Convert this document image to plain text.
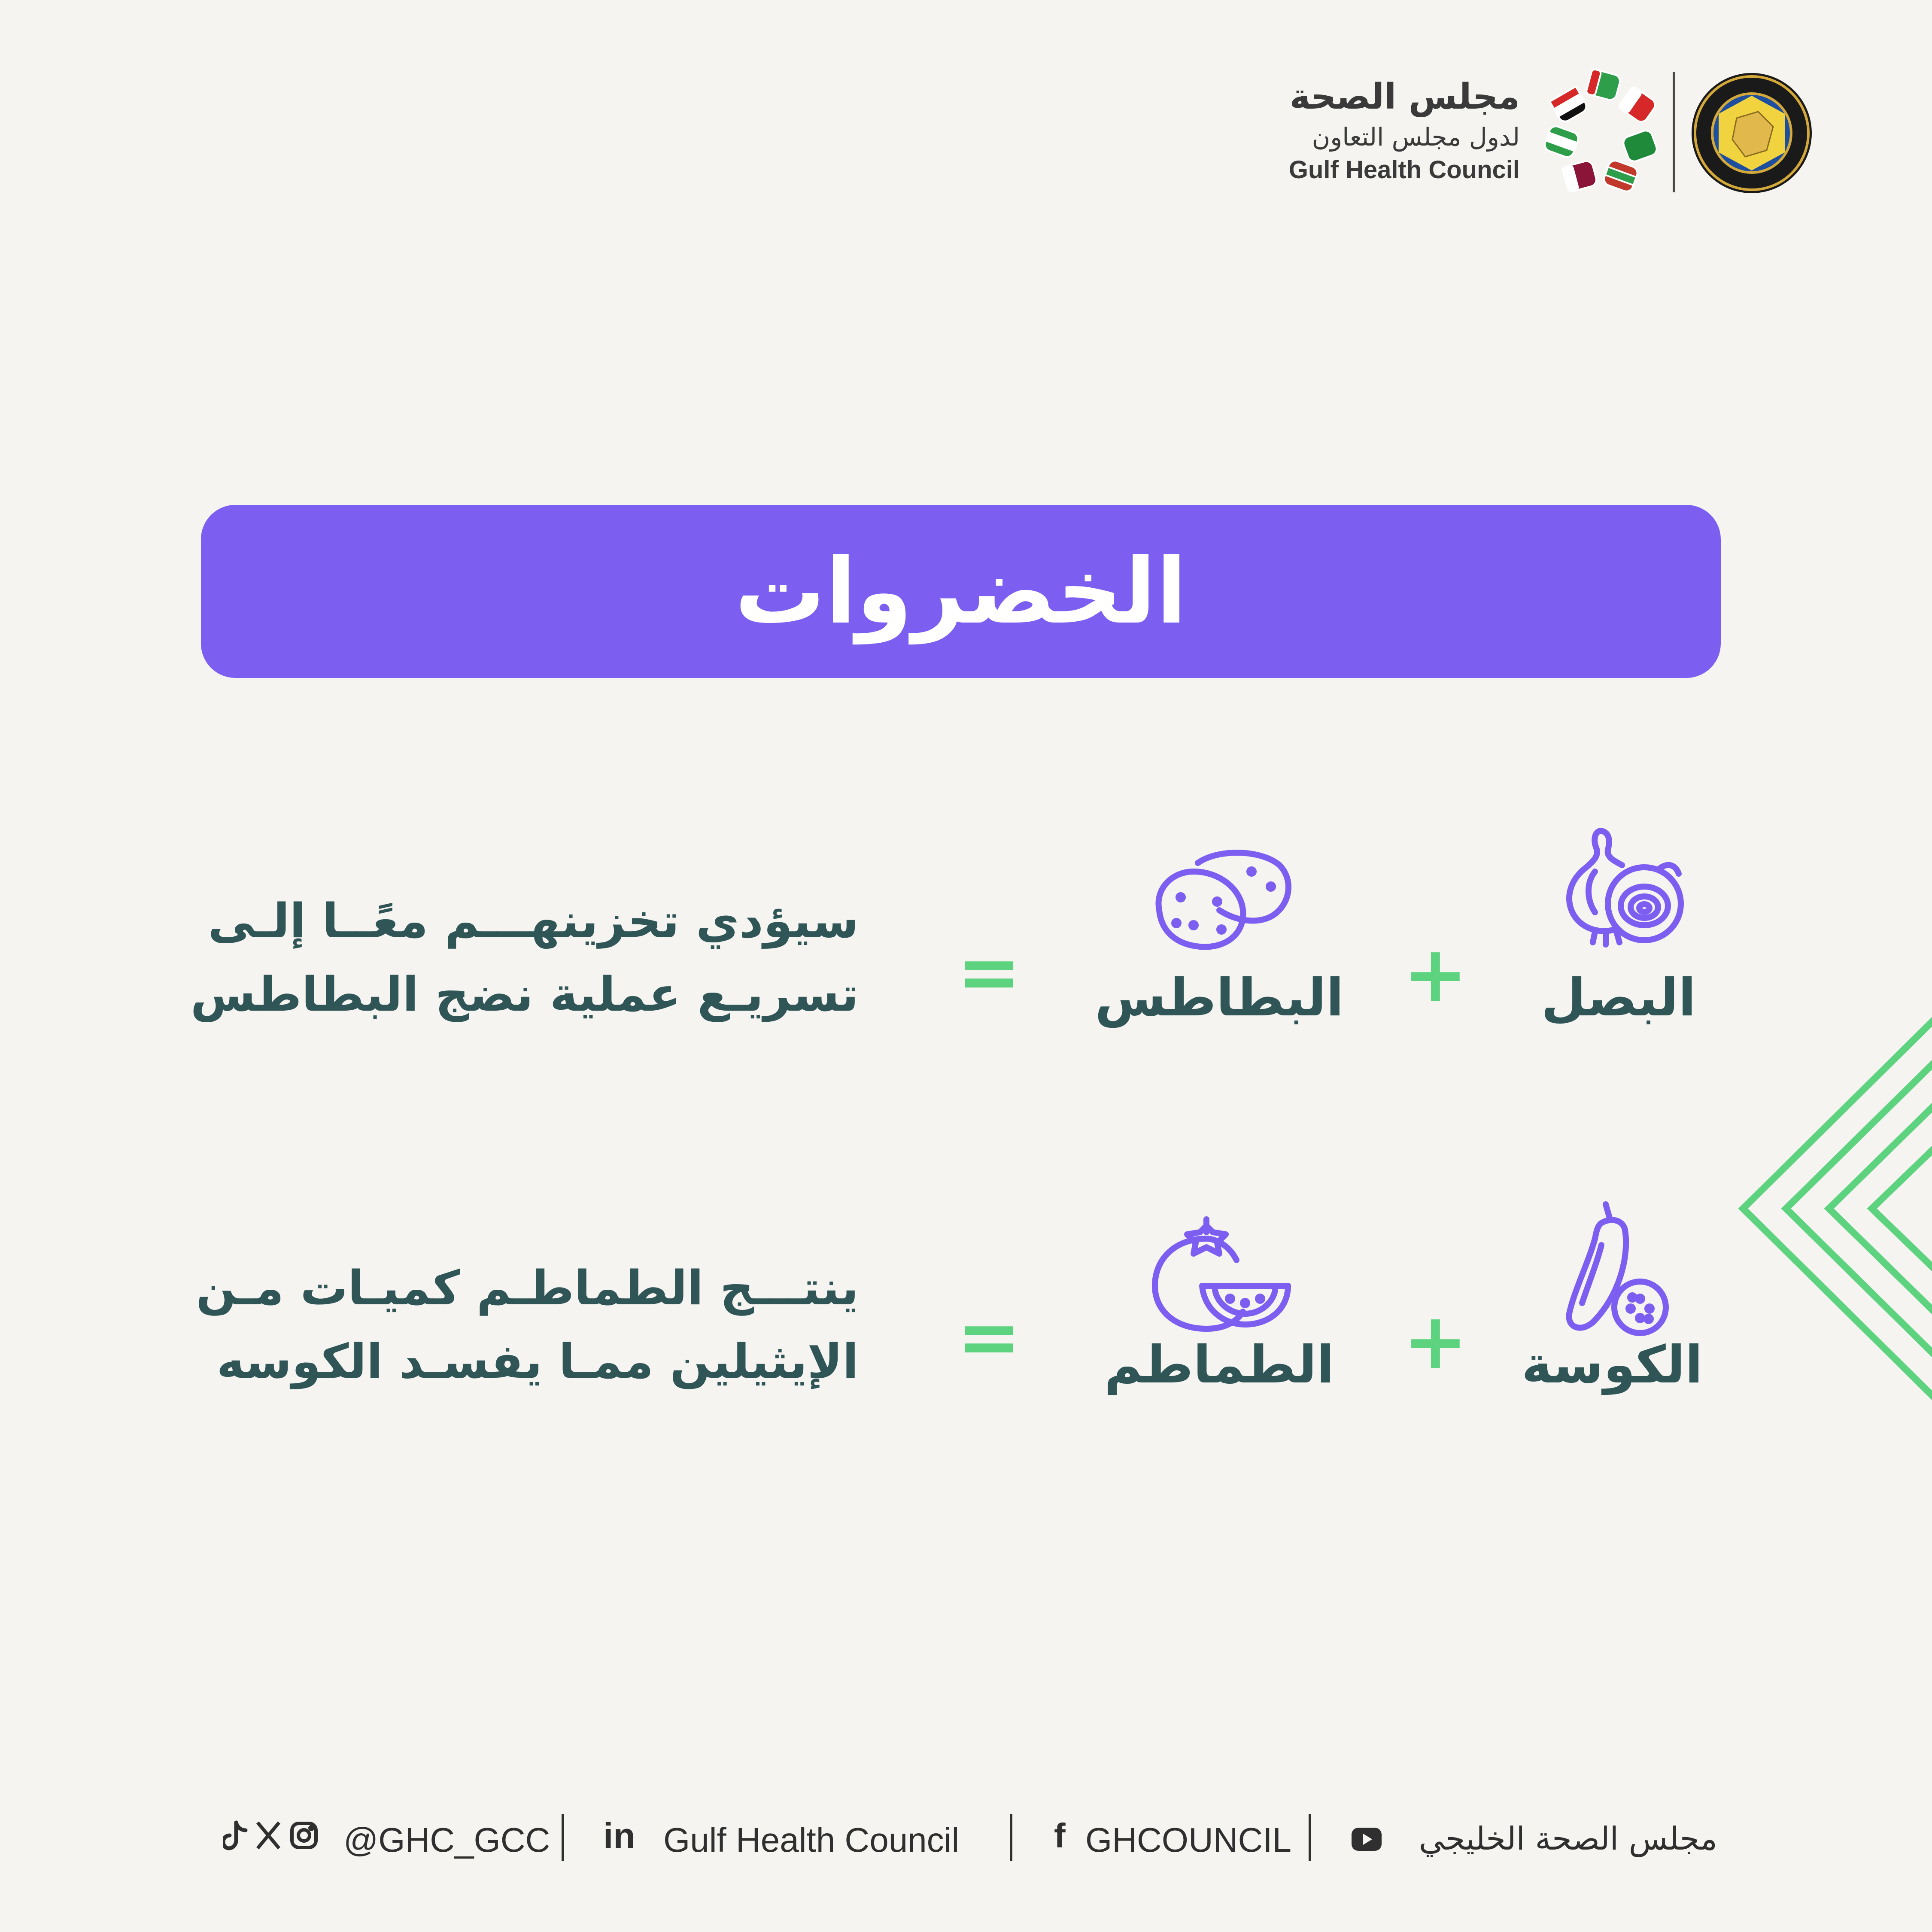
مجلس الصحة
لدول مجلس التعاون
Gulf Health Council
الخضروات
البصل
+
البطاطس
=
سيؤدي تخزينهـــم معًــا إلـى
تسريـع عملية نضج البطاطس
الكوسة
+
الطماطم
=
ينتـــج الطماطـم كميـات مـن
الإيثيلين ممـا يفسـد الكوسه
@GHC_GCC in Gulf Health Council	f GHCOUNCIL	مجلس الصحة الخليجي
